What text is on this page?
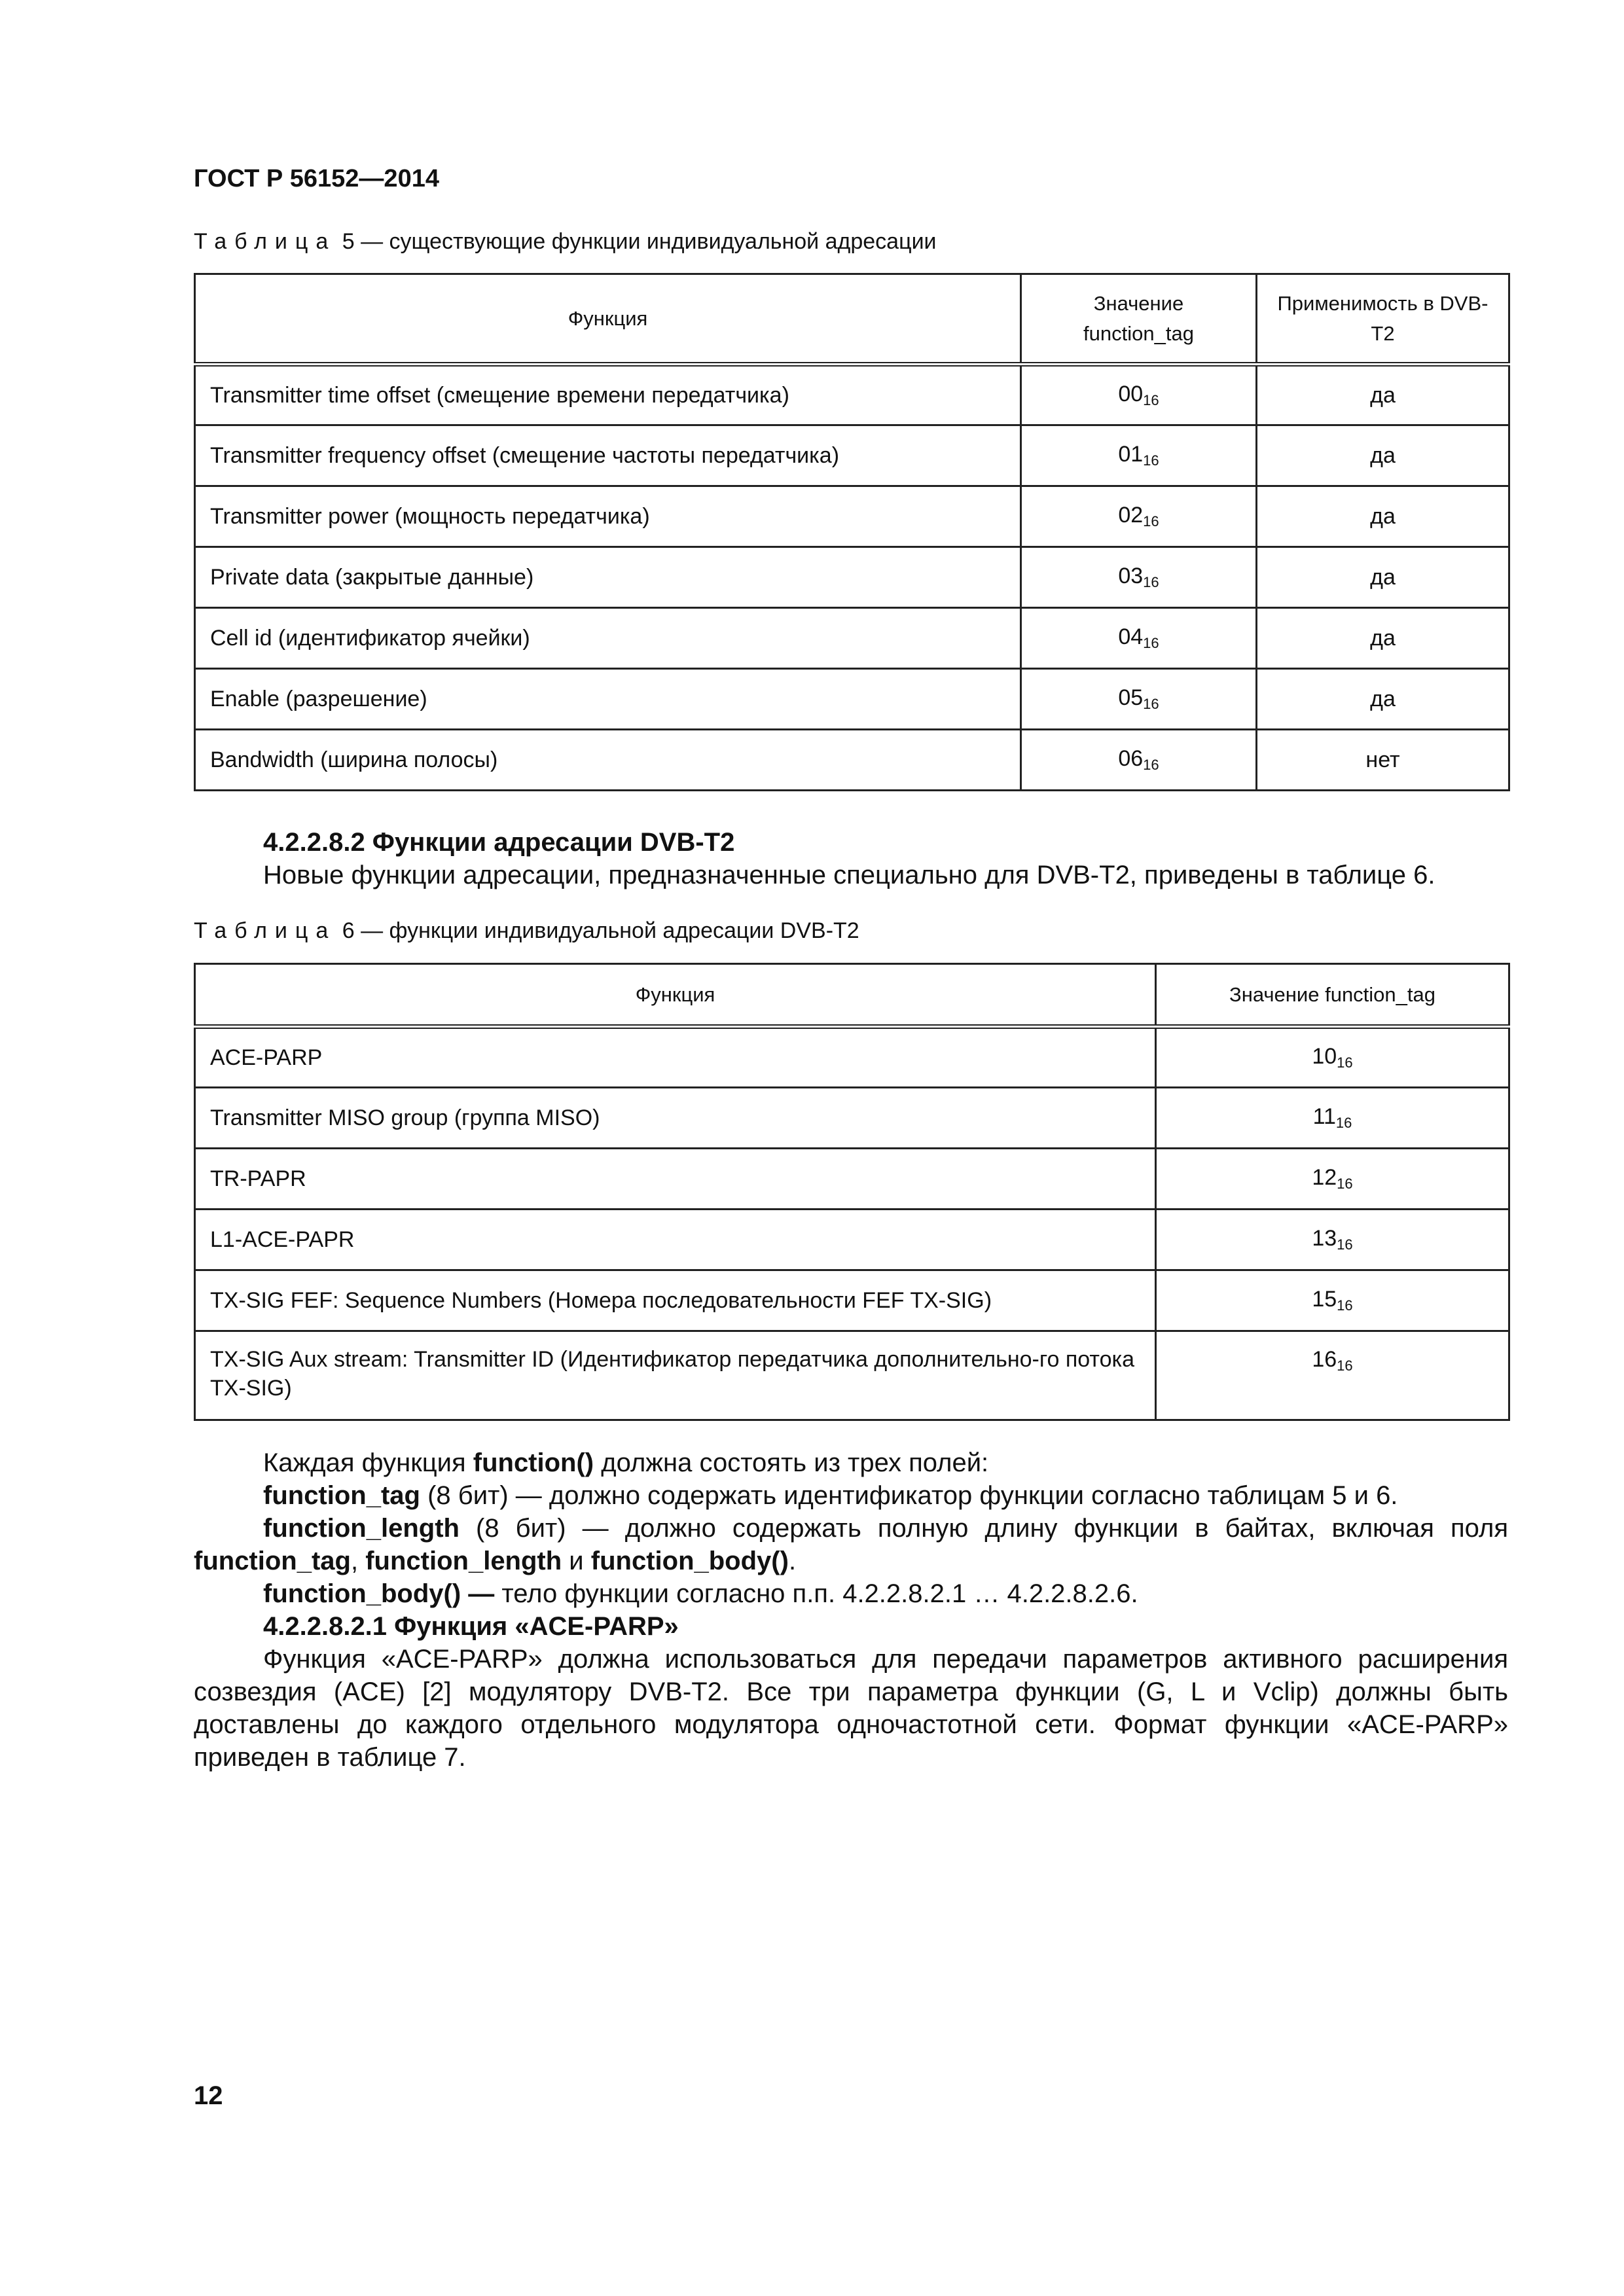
ГОСТ Р 56152—2014
Таблица 5 — существующие функции индивидуальной адресации
Функция	Значение function_tag	Применимость в DVB-T2
Transmitter time offset (смещение времени передатчика)	$00_{16}$	да
Transmitter frequency offset (смещение частоты передатчика)	$01_{16}$	да
Transmitter power (мощность передатчика)	$02_{16}$	да
Private data (закрытые данные)	$03_{16}$	да
Cell id (идентификатор ячейки)	$04_{16}$	да
Enable (разрешение)	$05_{16}$	да
Bandwidth (ширина полосы)	$06_{16}$	нет

4.2.2.8.2 Функции адресации DVB-T2

Новые функции адресации, предназначенные специально для DVB-T2, приведены в таблице 6.

Таблица 6 — функции индивидуальной адресации DVB-T2
Функция	Значение function_tag
ACE-PARP	$10_{16}$
Transmitter MISO group (группа MISO)	$11_{16}$
TR-PAPR	$12_{16}$
L1-ACE-PAPR	$13_{16}$
TX-SIG FEF: Sequence Numbers (Номера последовательности FEF TX-SIG)	$15_{16}$
TX-SIG Aux stream: Transmitter ID (Идентификатор передатчика дополнительно-го потока TX-SIG)	$16_{16}$

Каждая функция function() должна состоять из трех полей:

function_tag (8 бит) — должно содержать идентификатор функции согласно таблицам 5 и 6.

function_length (8 бит) — должно содержать полную длину функции в байтах, включая поля function_tag, function_length и function_body().

function_body() — тело функции согласно п.п. 4.2.2.8.2.1 … 4.2.2.8.2.6.

4.2.2.8.2.1 Функция «ACE-PARP»

Функция «ACE-PARP» должна использоваться для передачи параметров активного расширения созвездия (ACE) [2] модулятору DVB-T2. Все три параметра функции (G, L и Vclip) должны быть доставлены до каждого отдельного модулятора одночастотной сети. Формат функции «ACE-PARP» приведен в таблице 7.

12
